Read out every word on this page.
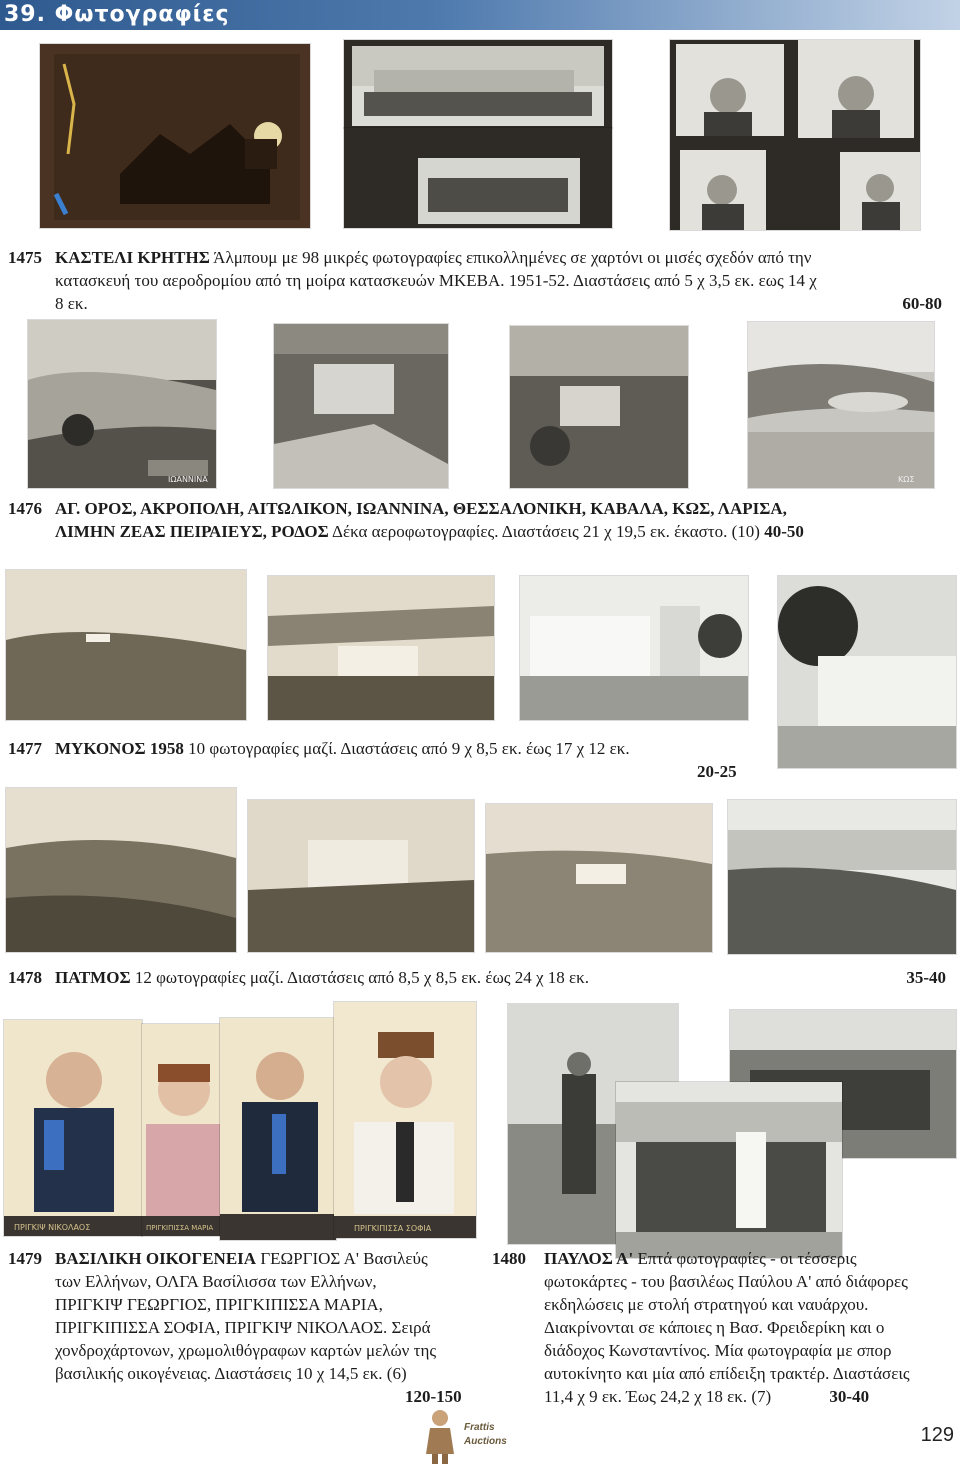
39. Φωτογραφίες
1475 ΚΑΣΤΕΛΙ ΚΡΗΤΗΣ Άλμπουμ με 98 μικρές φωτογραφίες επικολλημένες σε χαρτόνι οι μισές σχεδόν από την
κατασκευή του αεροδρομίου από τη μοίρα κατασκευών ΜΚΕΒΑ. 1951-52. Διαστάσεις από 5 χ 3,5 εκ. εως 14 χ
8 εκ.	60-80
ΙΩΑΝΝΙΝΑ	ΚΩΣ
1476 ΑΓ. ΟΡΟΣ, ΑΚΡΟΠΟΛΗ, ΑΙΤΩΛΙΚΟΝ, ΙΩΑΝΝΙΝΑ, ΘΕΣΣΑΛΟΝΙΚΗ, ΚΑΒΑΛΑ, ΚΩΣ, ΛΑΡΙΣΑ,
ΛΙΜΗΝ ΖΕΑΣ ΠΕΙΡΑΙΕΥΣ, ΡΟΔΟΣ Δέκα αεροφωτογραφίες. Διαστάσεις 21 χ 19,5 εκ. έκαστο. (10) 40-50
1477 ΜΥΚΟΝΟΣ 1958 10 φωτογραφίες μαζί. Διαστάσεις από 9 χ 8,5 εκ. έως 17 χ 12 εκ.
20-25
1478 ΠΑΤΜΟΣ 12 φωτογραφίες μαζί. Διαστάσεις από 8,5 χ 8,5 εκ. έως 24 χ 18 εκ.	35-40
ΠΡΙΓΚΙΨ ΝΙΚΟΛΑΟΣ	ΠΡΙΓΚΙΠΙΣΣΑ ΜΑΡΙΑ	ΠΡΙΓΚΙΠΙΣΣΑ ΣΟΦΙΑ
1479 ΒΑΣΙΛΙΚΗ ΟΙΚΟΓΕΝΕΙΑ ΓΕΩΡΓΙΟΣ Α' Βασιλεύς
των Ελλήνων, ΟΛΓΑ Βασίλισσα των Ελλήνων,
ΠΡΙΓΚΙΨ ΓΕΩΡΓΙΟΣ, ΠΡΙΓΚΙΠΙΣΣΑ ΜΑΡΙΑ,
ΠΡΙΓΚΙΠΙΣΣΑ ΣΟΦΙΑ, ΠΡΙΓΚΙΨ ΝΙΚΟΛΑΟΣ. Σειρά
χονδροχάρτονων, χρωμολιθόγραφων καρτών μελών της
βασιλικής οικογένειας. Διαστάσεις 10 χ 14,5 εκ. (6)
120-150
1480 ΠΑΥΛΟΣ Α' Επτά φωτογραφίες - οι τέσσερις
φωτοκάρτες - του βασιλέως Παύλου Α' από διάφορες
εκδηλώσεις με στολή στρατηγού και ναυάρχου.
Διακρίνονται σε κάποιες η Βασ. Φρειδερίκη και ο
διάδοχος Κωνσταντίνος. Μία φωτογραφία με σπορ
αυτοκίνητο και μία από επίδειξη τρακτέρ. Διαστάσεις
11,4 χ 9 εκ. Έως 24,2 χ 18 εκ. (7)	30-40
Frattis
Auctions	129
